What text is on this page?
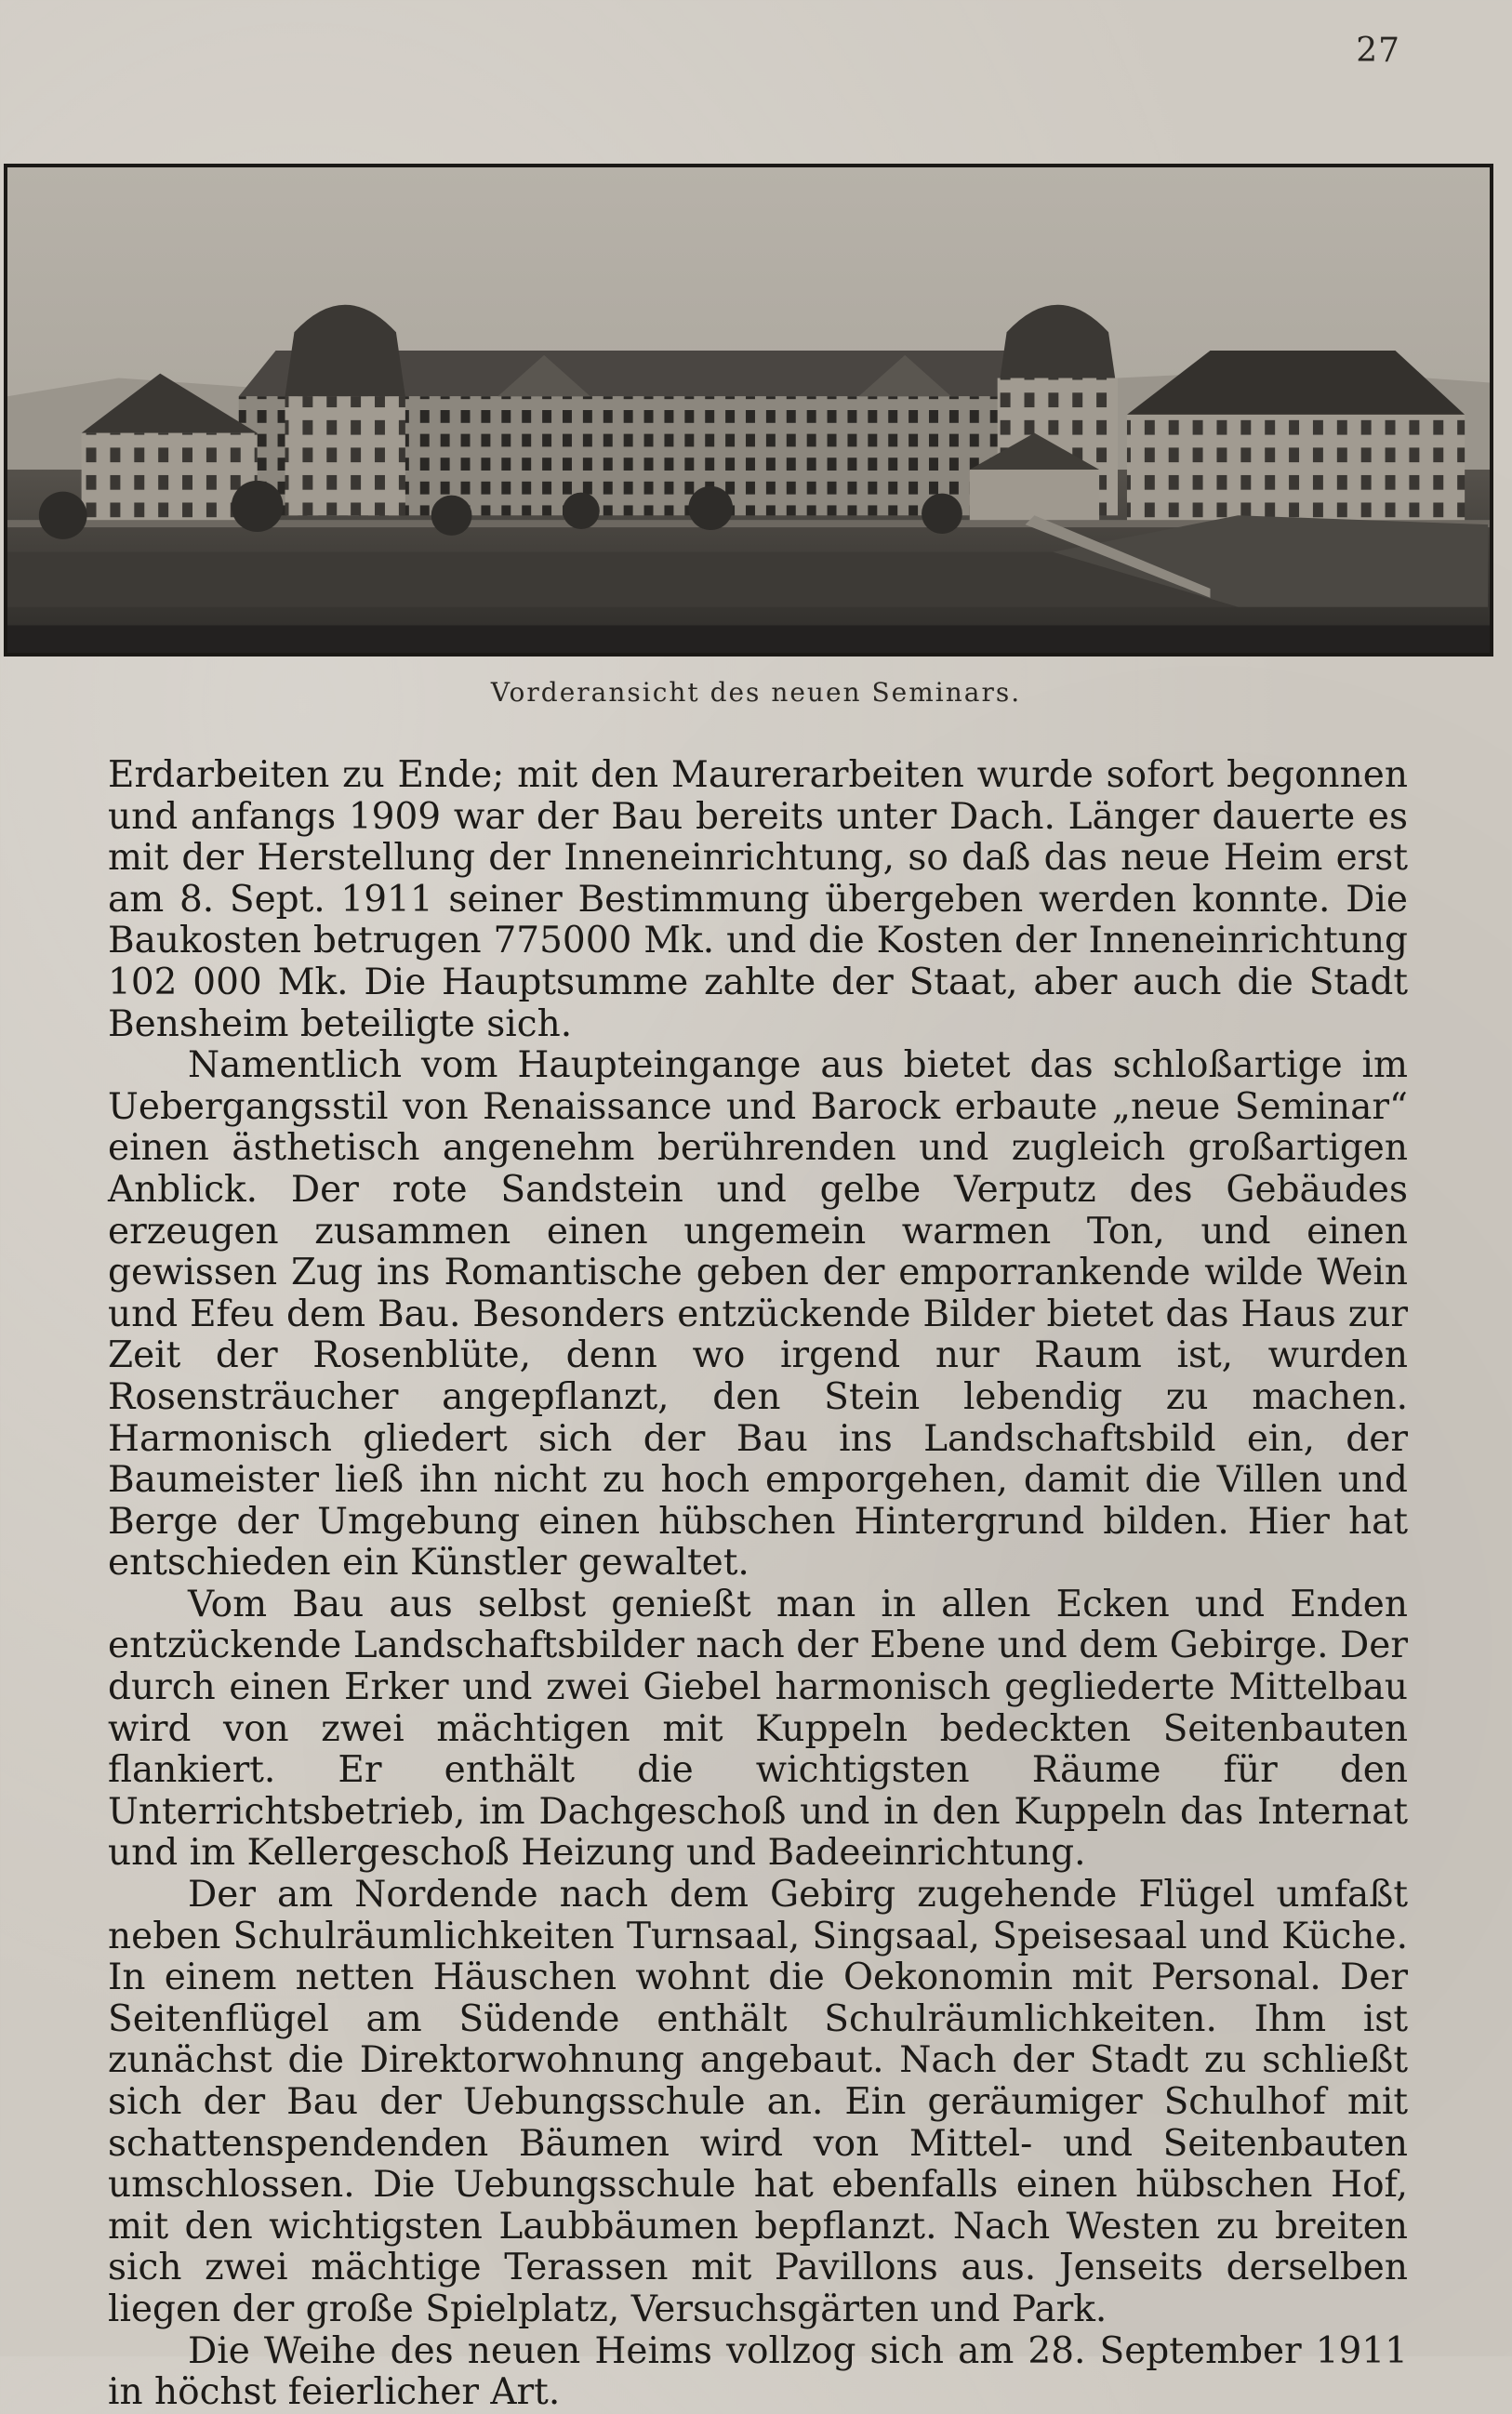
27
Vorderansicht des neuen Seminars.

Erdarbeiten zu Ende; mit den Maurerarbeiten wurde sofort begonnen und anfangs 1909 war der Bau bereits unter Dach. Länger dauerte es mit der Herstellung der Inneneinrichtung, so daß das neue Heim erst am 8. Sept. 1911 seiner Bestimmung übergeben werden konnte. Die Baukosten betrugen 775000 Mk. und die Kosten der Inneneinrichtung 102 000 Mk. Die Hauptsumme zahlte der Staat, aber auch die Stadt Bensheim beteiligte sich.

Namentlich vom Haupteingange aus bietet das schloßartige im Uebergangsstil von Renaissance und Barock erbaute „neue Seminar“ einen ästhetisch angenehm berührenden und zugleich großartigen Anblick. Der rote Sandstein und gelbe Verputz des Gebäudes erzeugen zusammen einen ungemein warmen Ton, und einen gewissen Zug ins Romantische geben der emporrankende wilde Wein und Efeu dem Bau. Besonders entzückende Bilder bietet das Haus zur Zeit der Rosenblüte, denn wo irgend nur Raum ist, wurden Rosensträucher angepflanzt, den Stein lebendig zu machen. Harmonisch gliedert sich der Bau ins Landschaftsbild ein, der Baumeister ließ ihn nicht zu hoch emporgehen, damit die Villen und Berge der Umgebung einen hübschen Hintergrund bilden. Hier hat entschieden ein Künstler gewaltet.

Vom Bau aus selbst genießt man in allen Ecken und Enden entzückende Landschaftsbilder nach der Ebene und dem Gebirge. Der durch einen Erker und zwei Giebel harmonisch gegliederte Mittelbau wird von zwei mächtigen mit Kuppeln bedeckten Seitenbauten flankiert. Er enthält die wichtigsten Räume für den Unterrichtsbetrieb, im Dachgeschoß und in den Kuppeln das Internat und im Kellergeschoß Heizung und Badeeinrichtung.

Der am Nordende nach dem Gebirg zugehende Flügel umfaßt neben Schulräumlichkeiten Turnsaal, Singsaal, Speisesaal und Küche. In einem netten Häuschen wohnt die Oekonomin mit Personal. Der Seitenflügel am Südende enthält Schulräumlichkeiten. Ihm ist zunächst die Direktorwohnung angebaut. Nach der Stadt zu schließt sich der Bau der Uebungsschule an. Ein geräumiger Schulhof mit schattenspendenden Bäumen wird von Mittel- und Seitenbauten umschlossen. Die Uebungsschule hat ebenfalls einen hübschen Hof, mit den wichtigsten Laubbäumen bepflanzt. Nach Westen zu breiten sich zwei mächtige Terassen mit Pavillons aus. Jenseits derselben liegen der große Spielplatz, Versuchsgärten und Park.

Die Weihe des neuen Heims vollzog sich am 28. September 1911 in höchst feierlicher Art.
